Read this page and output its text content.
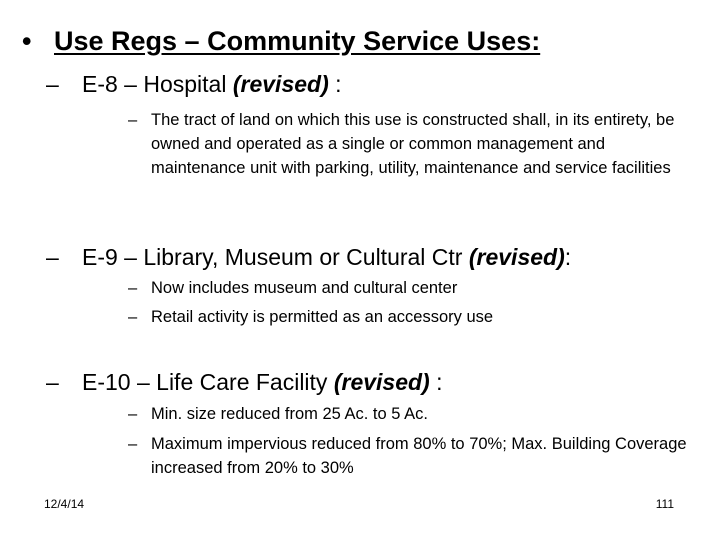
• Use Regs – Community Service Uses:
– E-8 – Hospital (revised) :
– The tract of land on which this use is constructed shall, in its entirety, be owned and operated as a single or common management and maintenance unit with parking, utility, maintenance and service facilities
– E-9 – Library, Museum or Cultural Ctr (revised):
– Now includes museum and cultural center
– Retail activity is permitted as an accessory use
– E-10 – Life Care Facility (revised) :
– Min. size reduced from 25 Ac. to 5 Ac.
– Maximum impervious reduced from 80% to 70%; Max. Building Coverage increased from 20% to 30%
12/4/14	111
